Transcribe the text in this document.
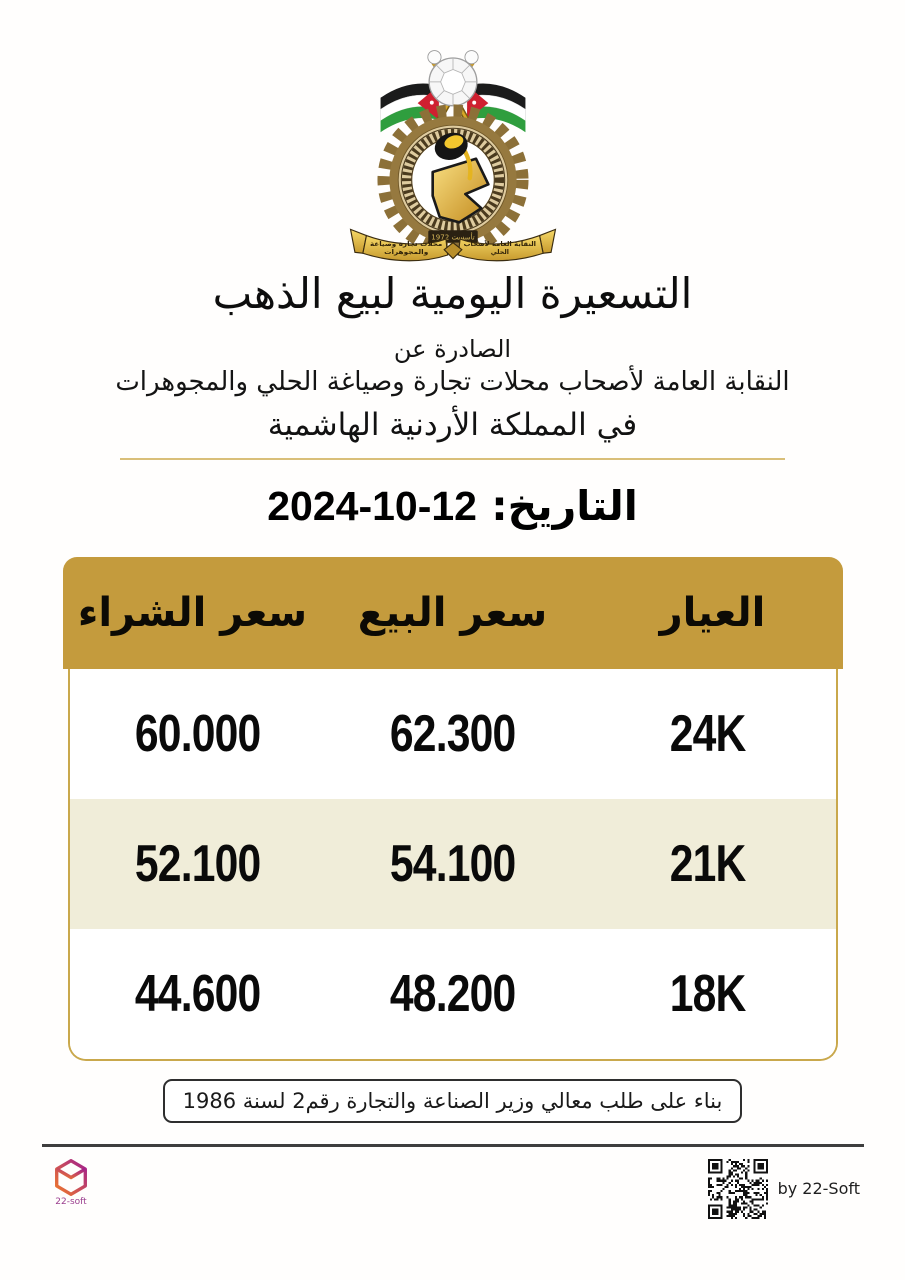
تأسست 1972
النقابة العامة لأصحاب
الحلي
محلات تجارة وصياغة
والمجوهرات
التسعيرة اليومية لبيع الذهب
الصادرة عن
النقابة العامة لأصحاب محلات تجارة وصياغة الحلي والمجوهرات
في المملكة الأردنية الهاشمية
التاريخ: 12-10-2024
العيار
سعر البيع
سعر الشراء
24K
62.300
60.000
21K
54.100
52.100
18K
48.200
44.600
بناء على طلب معالي وزير الصناعة والتجارة رقم2 لسنة 1986
22-soft
by 22-Soft
